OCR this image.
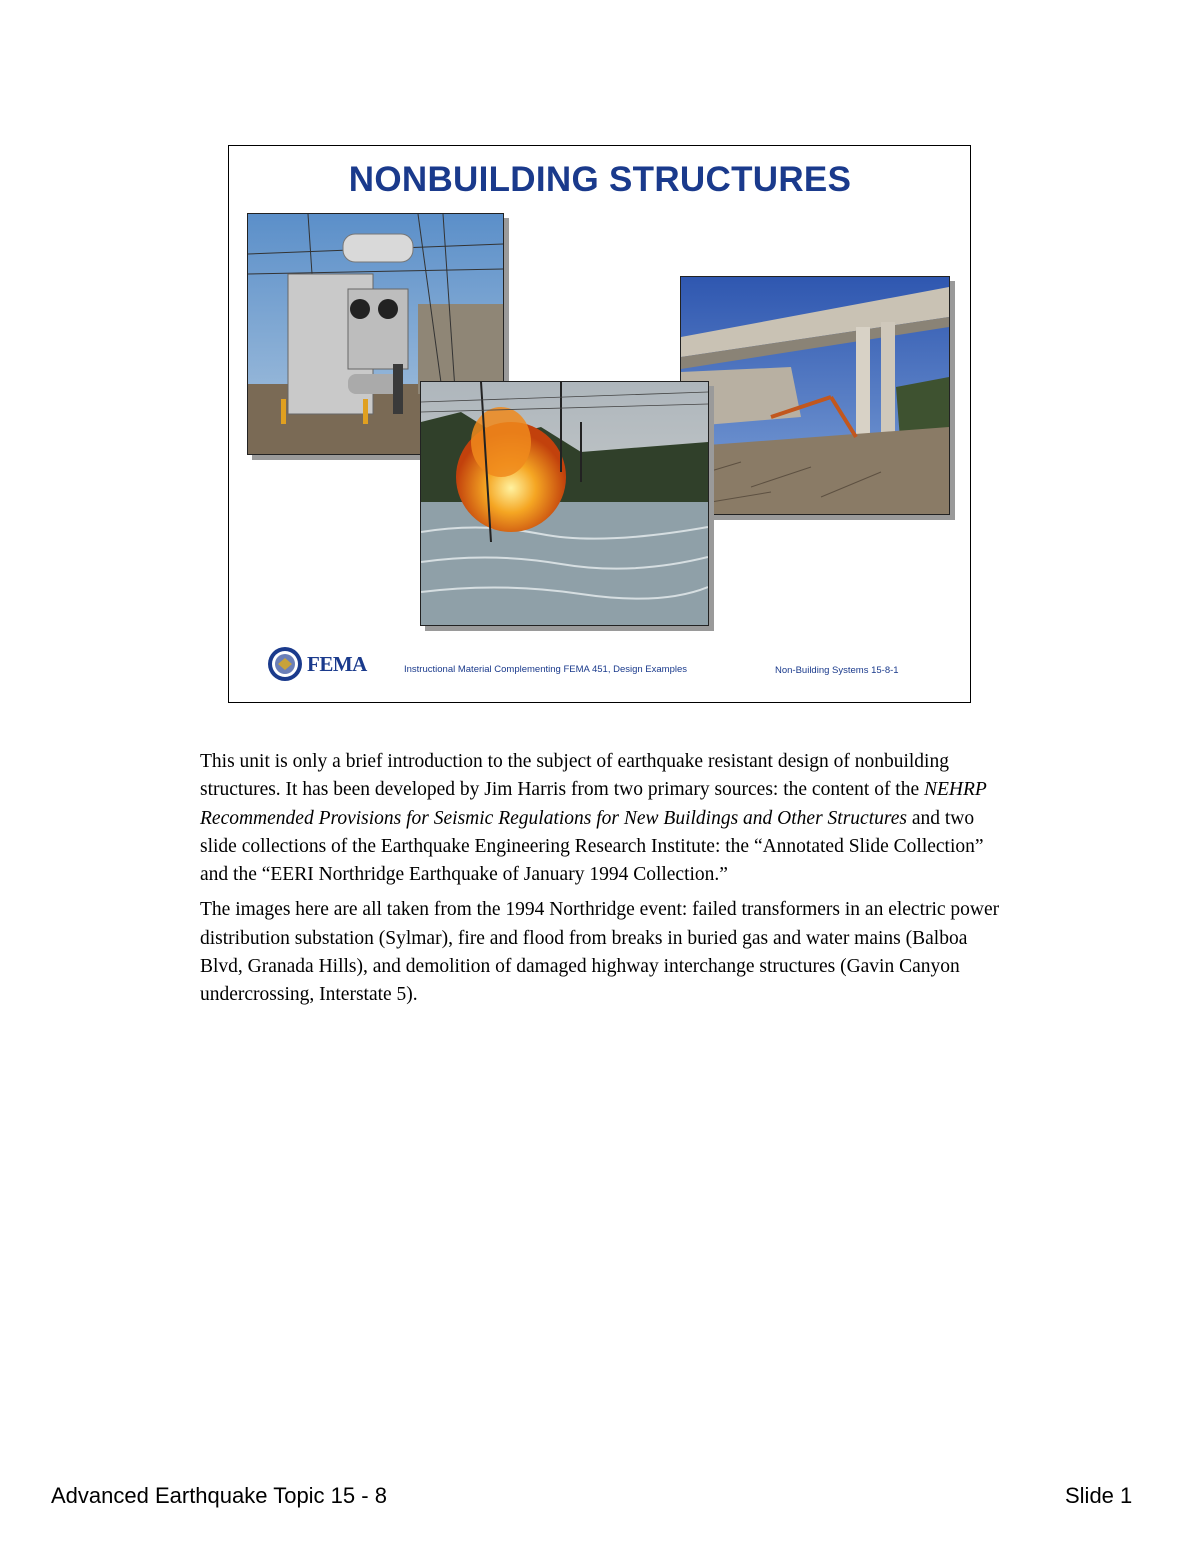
NONBUILDING STRUCTURES
FEMA	Instructional Material Complementing FEMA 451, Design Examples	Non-Building Systems 15-8-1

This unit is only a brief introduction to the subject of earthquake resistant design of nonbuilding structures. It has been developed by Jim Harris from two primary sources: the content of the NEHRP Recommended Provisions for Seismic Regulations for New Buildings and Other Structures and two slide collections of the Earthquake Engineering Research Institute: the “Annotated Slide Collection” and the “EERI Northridge Earthquake of January 1994 Collection.”

The images here are all taken from the 1994 Northridge event: failed transformers in an electric power distribution substation (Sylmar), fire and flood from breaks in buried gas and water mains (Balboa Blvd, Granada Hills), and demolition of damaged highway interchange structures (Gavin Canyon undercrossing, Interstate 5).

Advanced Earthquake Topic 15 - 8	Slide 1
